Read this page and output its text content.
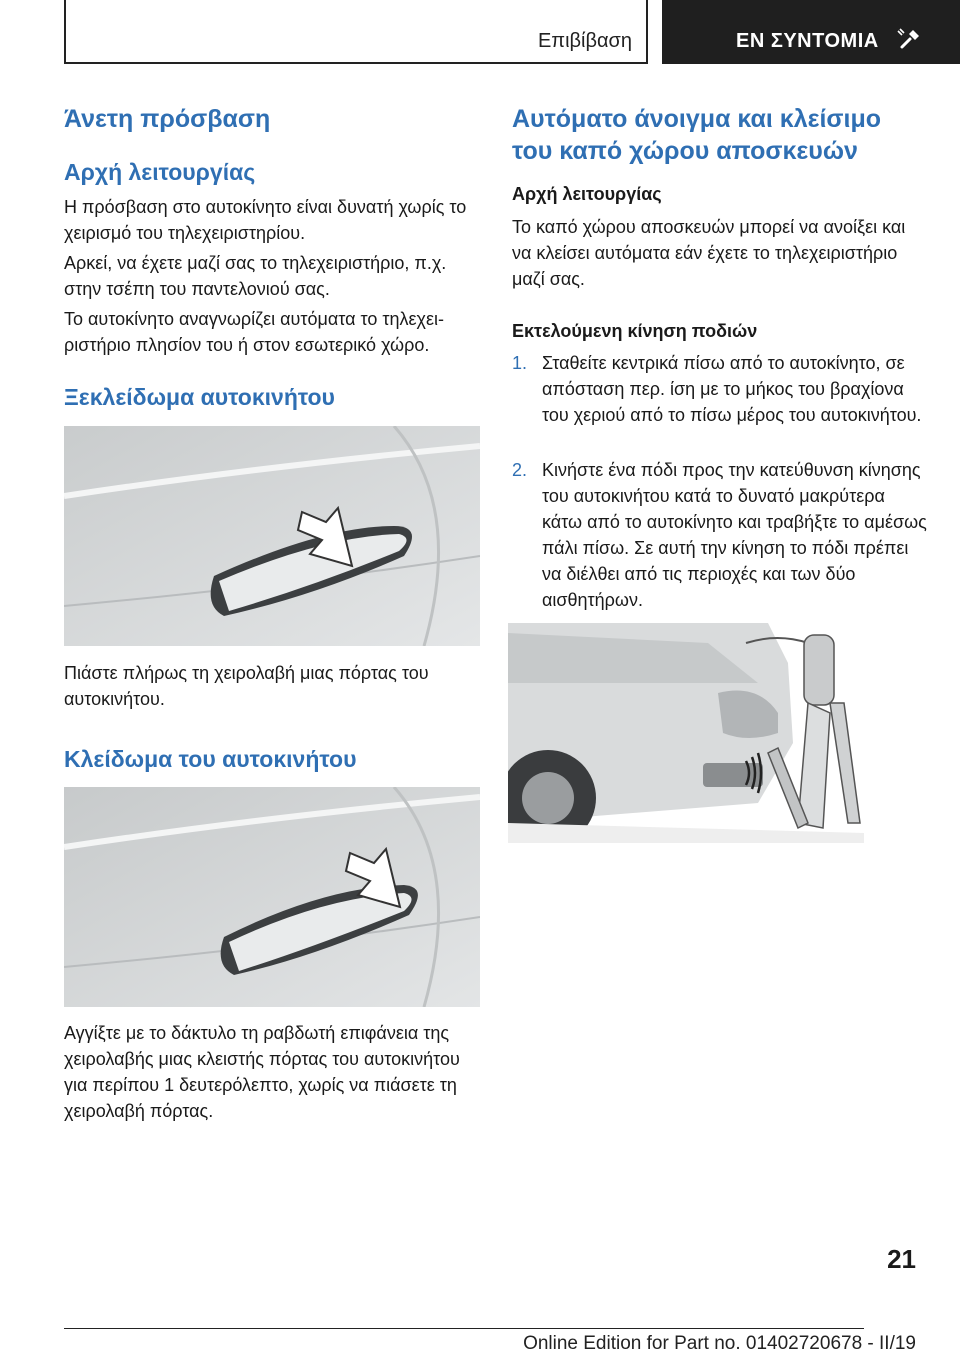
Επιβίβαση	ΕΝ ΣΥΝΤΟΜΙΑ
Άνετη πρόσβαση
Αρχή λειτουργίας

Η πρόσβαση στο αυτοκίνητο είναι δυνατή χωρίς το χειρισμό του τηλεχειριστηρίου.

Αρκεί, να έχετε μαζί σας το τηλεχειριστήριο, π.χ. στην τσέπη του παντελονιού σας.

Το αυτοκίνητο αναγνωρίζει αυτόματα το τηλεχειριστήριο πλησίον του ή στον εσωτερικό χώρο.

Ξεκλείδωμα αυτοκινήτου

Πιάστε πλήρως τη χειρολαβή μιας πόρτας του αυτοκινήτου.

Κλείδωμα του αυτοκινήτου

Αγγίξτε με το δάκτυλο τη ραβδωτή επιφάνεια της χειρολαβής μιας κλειστής πόρτας του αυτοκινήτου για περίπου 1 δευτερόλεπτο, χωρίς να πιάσετε τη χειρολαβή πόρτας.

Αυτόματο άνοιγμα και κλείσιμο του καπό χώρου αποσκευών
Αρχή λειτουργίας

Το καπό χώρου αποσκευών μπορεί να ανοίξει και να κλείσει αυτόματα εάν έχετε το τηλεχειριστήριο μαζί σας.

Εκτελούμενη κίνηση ποδιών
1. Σταθείτε κεντρικά πίσω από το αυτοκίνητο, σε απόσταση περ. ίση με το μήκος του βραχίονα του χεριού από το πίσω μέρος του αυτοκινήτου.
2. Κινήστε ένα πόδι προς την κατεύθυνση κίνησης του αυτοκινήτου κατά το δυνατό μακρύτερα κάτω από το αυτοκίνητο και τραβήξτε το αμέσως πάλι πίσω. Σε αυτή την κίνηση το πόδι πρέπει να διέλθει από τις περιοχές και των δύο αισθητήρων.
21
Online Edition for Part no. 01402720678 - II/19
